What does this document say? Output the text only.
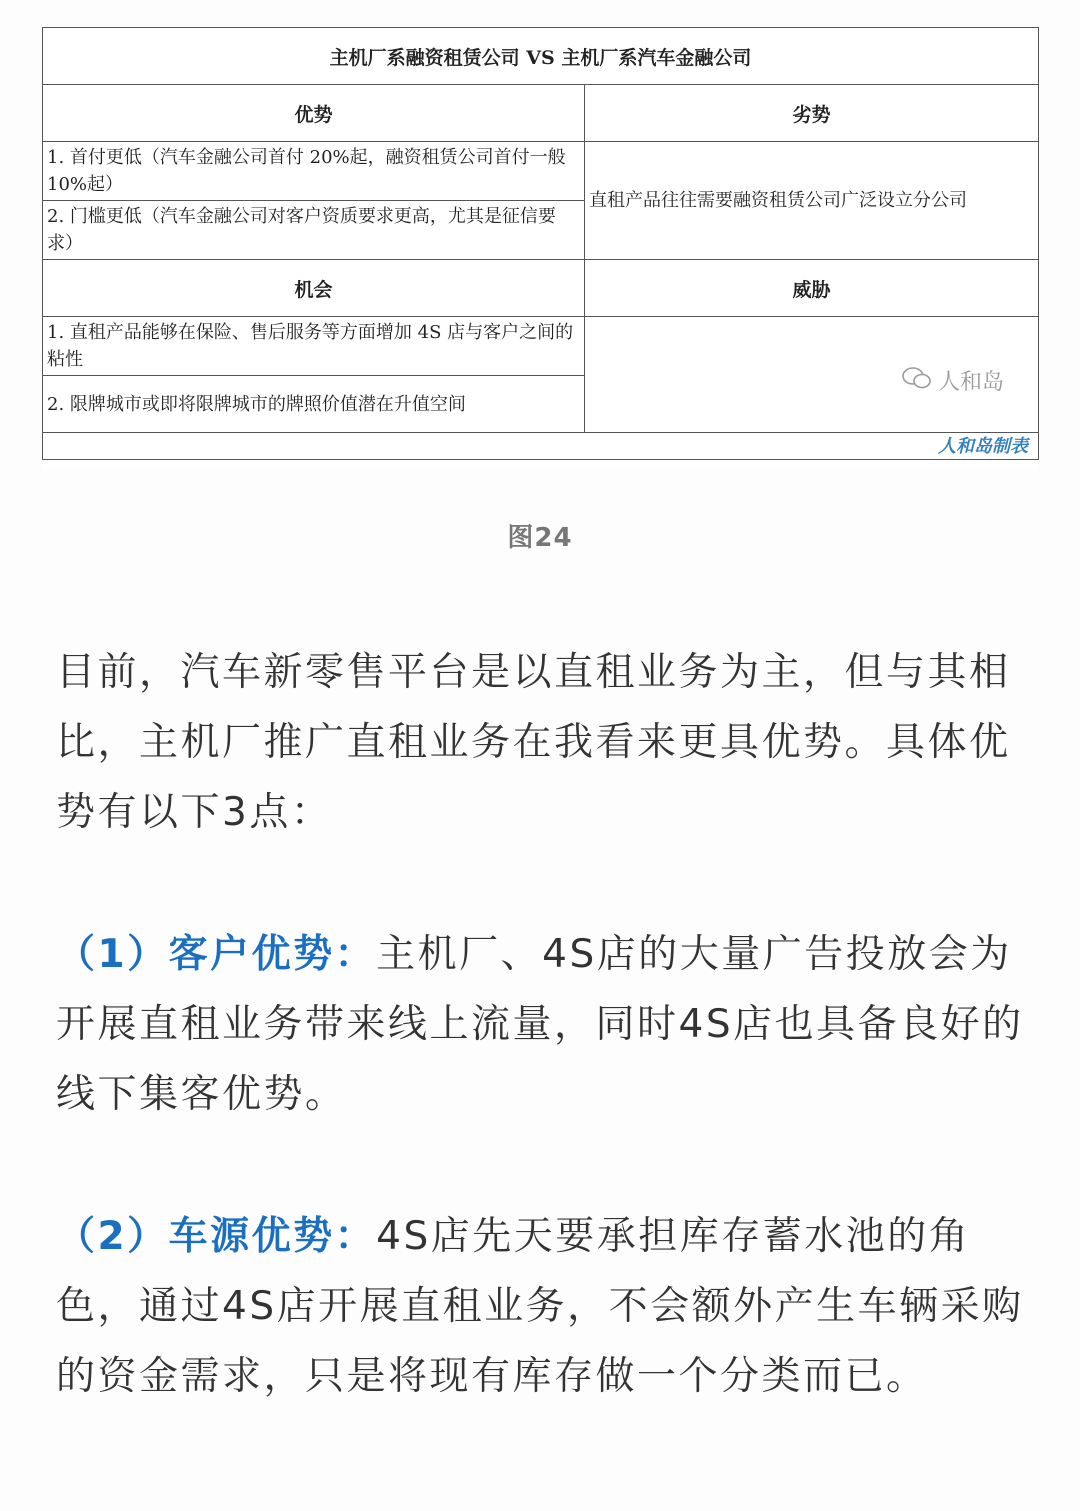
主机厂系融资租赁公司 VS 主机厂系汽车金融公司	
优势	劣势
1. 首付更低（汽车金融公司首付 20%起，融资租赁公司首付一般 10%起）	直租产品往往需要融资租赁公司广泛设立分公司
2. 门槛更低（汽车金融公司对客户资质要求更高，尤其是征信要求）	
机会	威胁
1. 直租产品能够在保险、售后服务等方面增加 4S 店与客户之间的粘性	人和岛

2. 限牌城市或即将限牌城市的牌照价值潜在升值空间	

人和岛制表	
图24

目前，汽车新零售平台是以直租业务为主，但与其相比，主机厂推广直租业务在我看来更具优势。具体优势有以下3点：

（1）客户优势：主机厂、4S店的大量广告投放会为开展直租业务带来线上流量，同时4S店也具备良好的线下集客优势。

（2）车源优势：4S店先天要承担库存蓄水池的角色，通过4S店开展直租业务，不会额外产生车辆采购的资金需求，只是将现有库存做一个分类而已。
